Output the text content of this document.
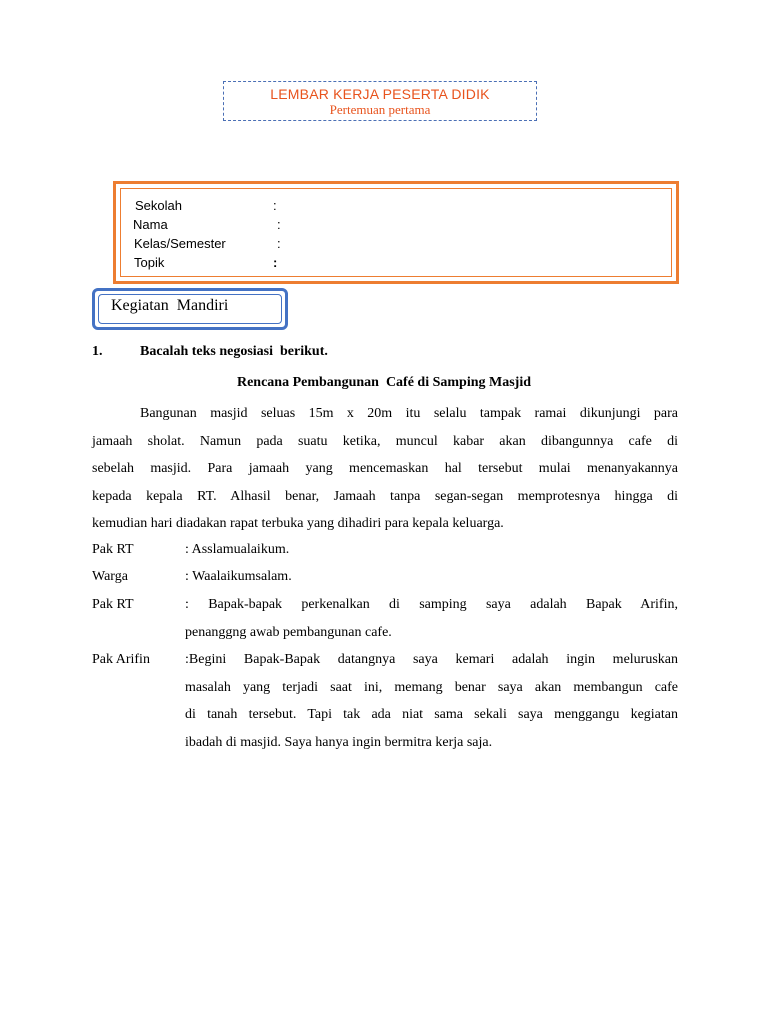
LEMBAR KERJA PESERTA DIDIK
Pertemuan pertama
Sekolah	:
Nama	:
Kelas/Semester	:
Topik	:
Kegiatan  Mandiri
1.	Bacalah teks negosiasi  berikut.
Rencana Pembangunan  Café di Samping Masjid
Bangunan masjid seluas 15m x 20m itu selalu tampak ramai dikunjungi para
jamaah sholat. Namun pada suatu ketika, muncul kabar akan dibangunnya cafe di
sebelah masjid. Para jamaah yang mencemaskan hal tersebut mulai menanyakannya
kepada kepala RT. Alhasil benar, Jamaah tanpa segan-segan memprotesnya hingga di
kemudian hari diadakan rapat terbuka yang dihadiri para kepala keluarga.
Pak RT	: Asslamualaikum.
Warga	: Waalaikumsalam.
Pak RT	: Bapak-bapak perkenalkan di samping saya adalah Bapak Arifin,
penanggng awab pembangunan cafe.
Pak Arifin	:Begini Bapak-Bapak datangnya saya kemari adalah ingin meluruskan
masalah yang terjadi saat ini, memang benar saya akan membangun cafe
di tanah tersebut. Tapi tak ada niat sama sekali saya menggangu kegiatan
ibadah di masjid. Saya hanya ingin bermitra kerja saja.
